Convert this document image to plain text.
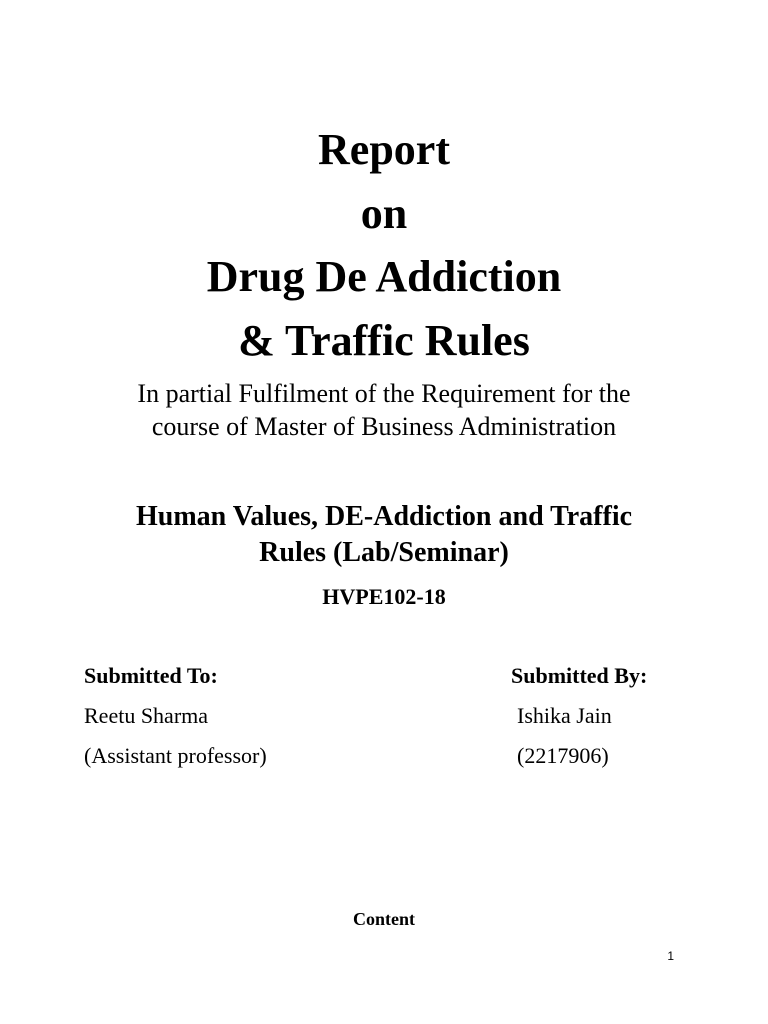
Report
on
Drug De Addiction
& Traffic Rules
In partial Fulfilment of the Requirement for the
course of Master of Business Administration
Human Values, DE-Addiction and Traffic
Rules (Lab/Seminar)
HVPE102-18
Submitted To:
Reetu Sharma
(Assistant professor)
Submitted By:
Ishika Jain
(2217906)
Content
1
